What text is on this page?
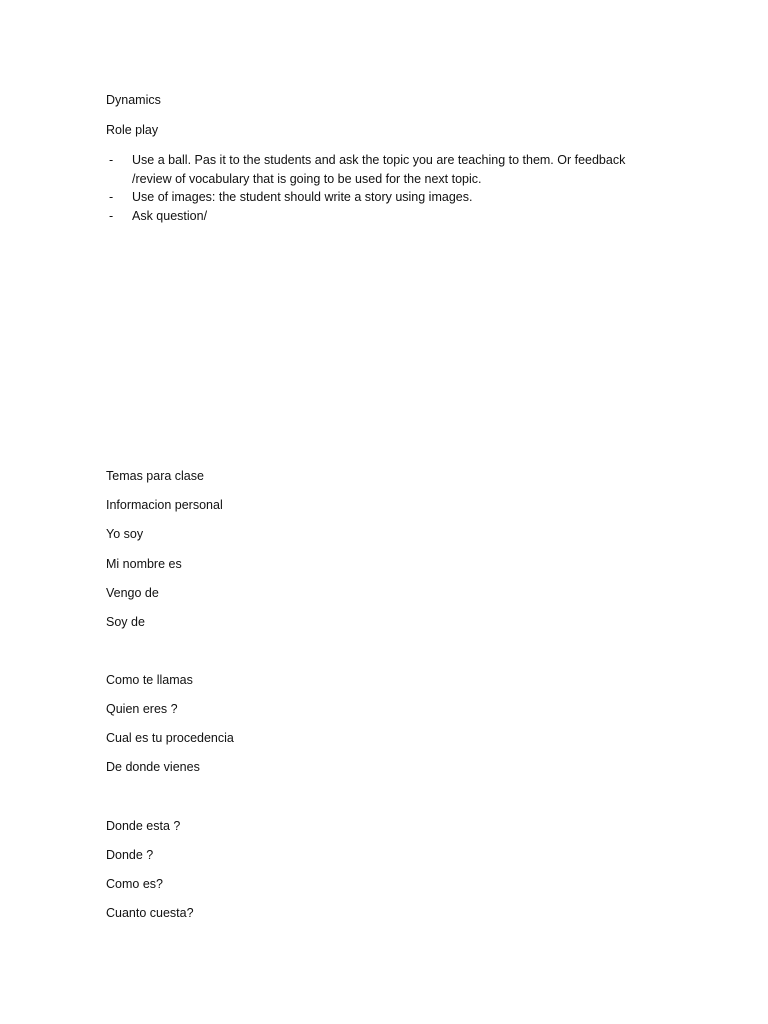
Dynamics
Role play
- Use a ball. Pas it to the students and ask the topic you are teaching to them. Or feedback /review of vocabulary that is going to be used for the next topic.
- Use of images: the student should write a story using images.
- Ask question/
Temas para clase
Informacion personal
Yo soy
Mi nombre es
Vengo de
Soy de
Como te llamas
Quien eres ?
Cual es tu procedencia
De donde vienes
Donde esta ?
Donde ?
Como es?
Cuanto cuesta?
